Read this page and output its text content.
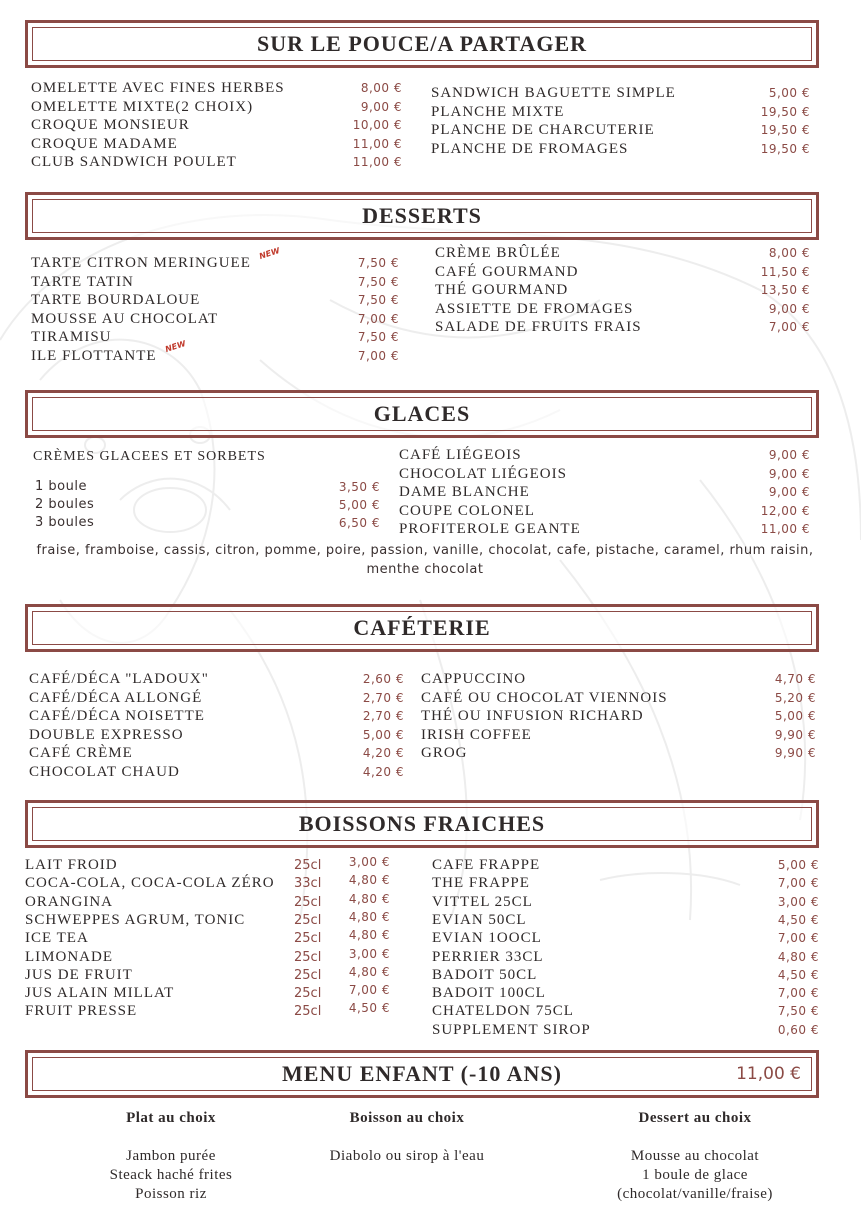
SUR LE POUCE/A PARTAGER
OMELETTE AVEC FINES HERBES	8,00 €
OMELETTE MIXTE(2 CHOIX)	9,00 €
CROQUE MONSIEUR	10,00 €
CROQUE MADAME	11,00 €
CLUB SANDWICH POULET	11,00 €
SANDWICH BAGUETTE SIMPLE	5,00 €
PLANCHE MIXTE	19,50 €
PLANCHE DE CHARCUTERIE	19,50 €
PLANCHE DE FROMAGES	19,50 €
DESSERTS
TARTE CITRON MERINGUEE	7,50 €
TARTE TATIN	7,50 €
TARTE BOURDALOUE	7,50 €
MOUSSE AU CHOCOLAT	7,00 €
TIRAMISU	7,50 €
ILE FLOTTANTE	7,00 €
CRÈME BRÛLÉE	8,00 €
CAFÉ GOURMAND	11,50 €
THÉ GOURMAND	13,50 €
ASSIETTE DE FROMAGES	9,00 €
SALADE DE FRUITS FRAIS	7,00 €
NEW
NEW
GLACES
CRÈMES GLACEES ET SORBETS
1 boule	3,50 €
2 boules	5,00 €
3 boules	6,50 €
CAFÉ LIÉGEOIS	9,00 €
CHOCOLAT LIÉGEOIS	9,00 €
DAME BLANCHE	9,00 €
COUPE COLONEL	12,00 €
PROFITEROLE GEANTE	11,00 €
fraise, framboise, cassis, citron, pomme, poire, passion, vanille, chocolat, cafe, pistache, caramel, rhum raisin,
menthe chocolat
CAFÉTERIE
CAFÉ/DÉCA "LADOUX"	2,60 €
CAFÉ/DÉCA ALLONGÉ	2,70 €
CAFÉ/DÉCA NOISETTE	2,70 €
DOUBLE EXPRESSO	5,00 €
CAFÉ CRÈME	4,20 €
CHOCOLAT CHAUD	4,20 €
CAPPUCCINO	4,70 €
CAFÉ OU CHOCOLAT VIENNOIS	5,20 €
THÉ OU INFUSION RICHARD	5,00 €
IRISH COFFEE	9,90 €
GROG	9,90 €
BOISSONS FRAICHES
LAIT FROID	25cl 3,00 €
COCA-COLA, COCA-COLA ZÉRO 33cl 4,80 €
ORANGINA	25cl 4,80 €
SCHWEPPES AGRUM, TONIC	25cl 4,80 €
ICE TEA	25cl 4,80 €
LIMONADE	25cl 3,00 €
JUS DE FRUIT	25cl 4,80 €
JUS ALAIN MILLAT	25cl 7,00 €
FRUIT PRESSE	25cl 4,50 €
CAFE FRAPPE	5,00 €
THE FRAPPE	7,00 €
VITTEL 25CL	3,00 €
EVIAN 50CL	4,50 €
EVIAN 1OOCL	7,00 €
PERRIER 33CL	4,80 €
BADOIT 50CL	4,50 €
BADOIT 100CL	7,00 €
CHATELDON 75CL	7,50 €
SUPPLEMENT SIROP	0,60 €
MENU ENFANT (-10 ANS)	11,00 €
Plat au choix
Jambon purée
Steack haché frites
Poisson riz
Boisson au choix
Diabolo ou sirop à l'eau
Dessert au choix
Mousse au chocolat
1 boule de glace
(chocolat/vanille/fraise)
